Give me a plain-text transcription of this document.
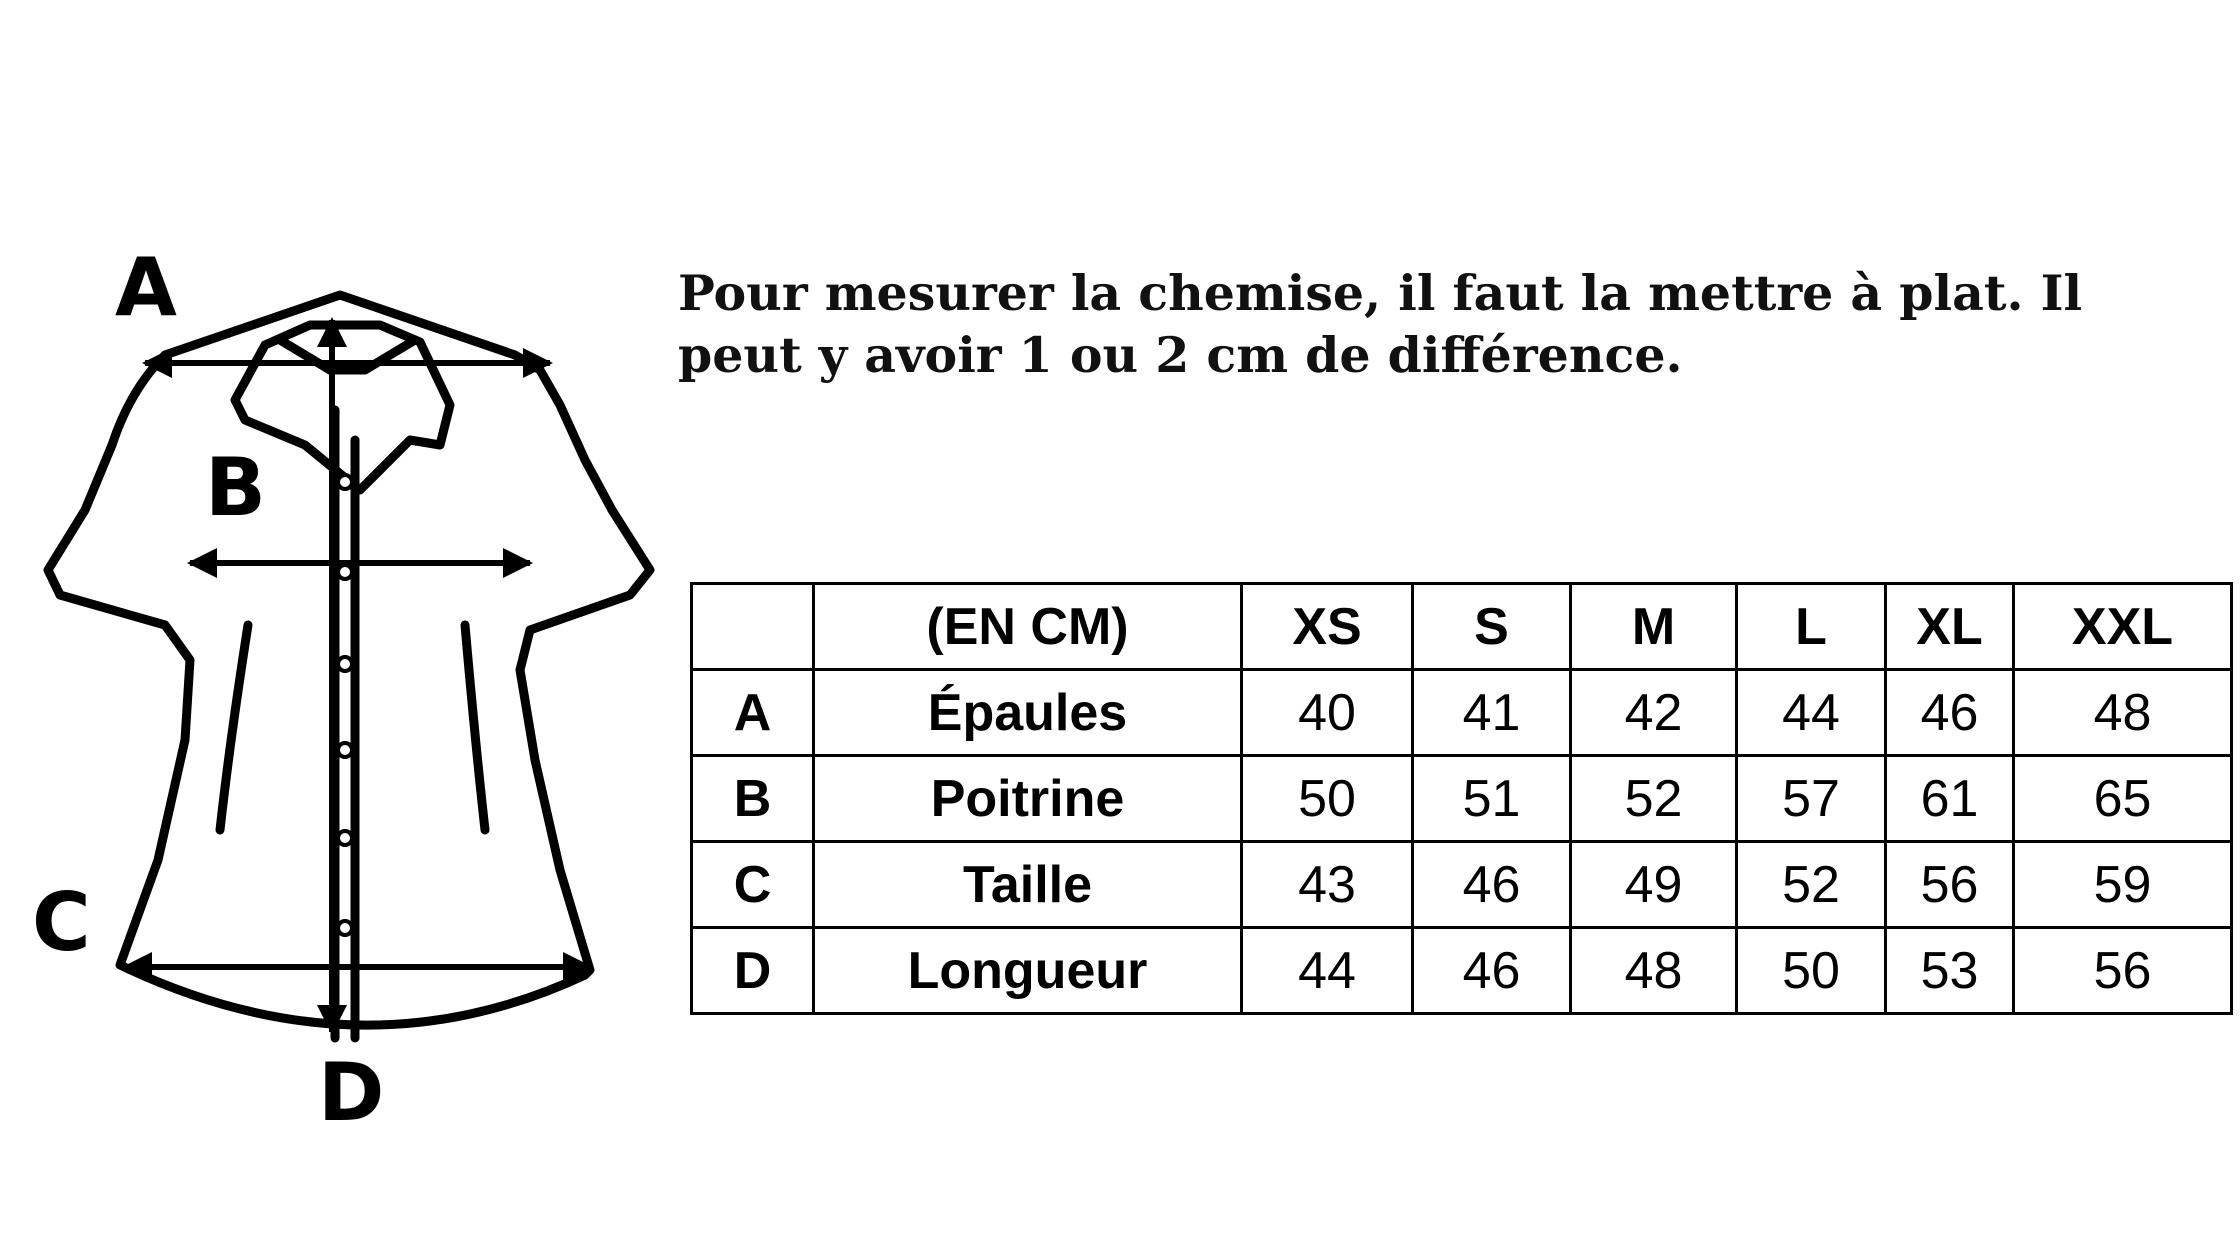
A
B
C
D

Pour mesurer la chemise, il faut la mettre à plat. Il peut y avoir 1 ou 2 cm de différence.

	(EN CM)	XS	S	M	L	XL	XXL
A	Épaules	40	41	42	44	46	48
B	Poitrine	50	51	52	57	61	65
C	Taille	43	46	49	52	56	59
D	Longueur	44	46	48	50	53	56
